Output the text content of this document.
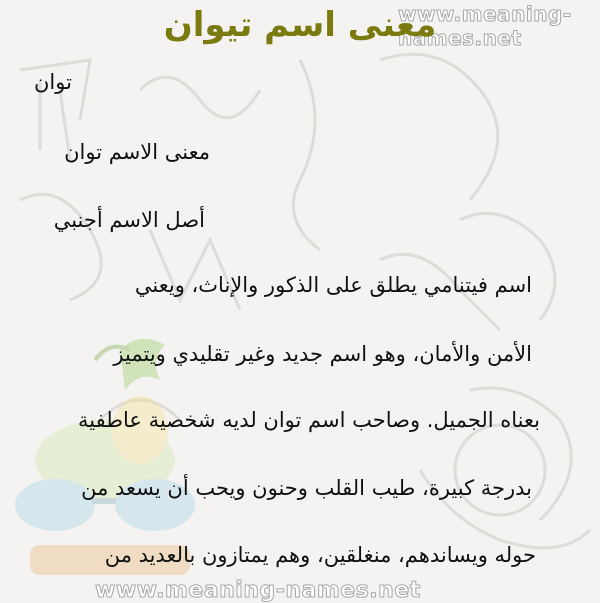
www.meaning-names.net
معنى اسم تيوان
توان
معنى الاسم توان
أصل الاسم أجنبي
اسم فيتنامي يطلق على الذكور والإناث، ويعني
الأمن والأمان، وهو اسم جديد وغير تقليدي ويتميز
بعناه الجميل. وصاحب اسم توان لديه شخصية عاطفية
بدرجة كبيرة، طيب القلب وحنون ويحب أن يسعد من
حوله ويساندهم، منغلقين، وهم يمتازون بالعديد من
www.meaning-names.net
